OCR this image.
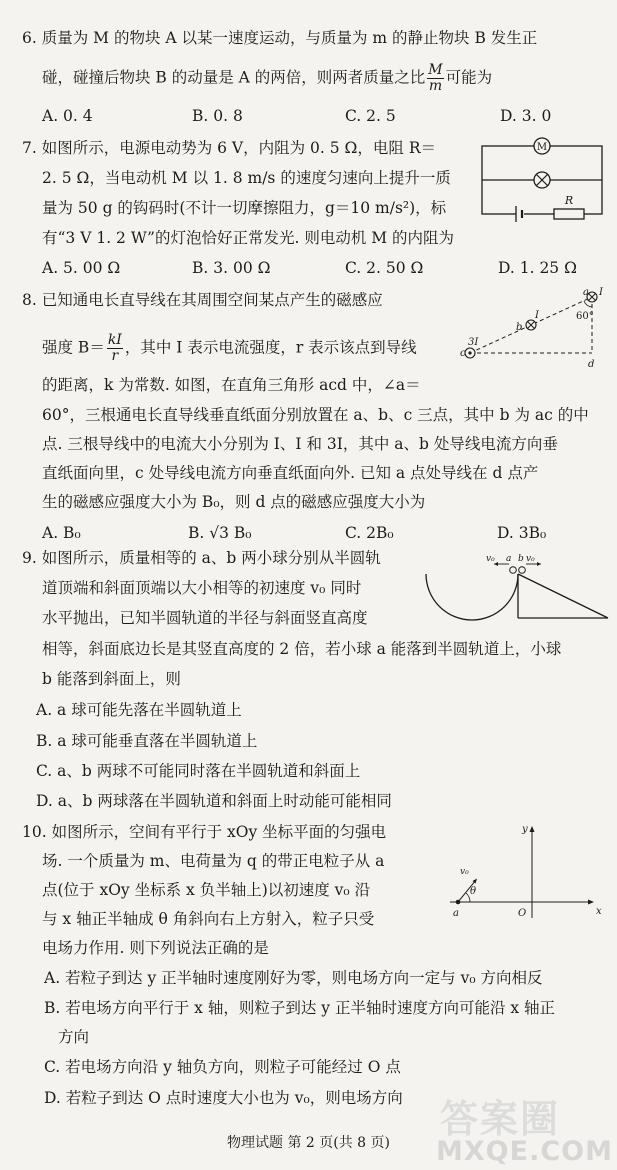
6. 质量为 M 的物块 A 以某一速度运动，与质量为 m 的静止物块 B 发生正
碰，碰撞后物块 B 的动量是 A 的两倍，则两者质量之比 $\frac{M}{m}$ 可能为
A. 0. 4	B. 0. 8	C. 2. 5	D. 3. 0
7. 如图所示，电源电动势为 6 V，内阻为 0. 5 Ω，电阻 R＝
2. 5 Ω，当电动机 M 以 1. 8 m/s 的速度匀速向上提升一质
量为 50 g 的钩码时(不计一切摩擦阻力，g＝10 m/s²)，标
有“3 V 1. 2 W”的灯泡恰好正常发光. 则电动机 M 的内阻为
A. 5. 00 Ω	B. 3. 00 Ω	C. 2. 50 Ω	D. 1. 25 Ω
M
R
8. 已知通电长直导线在其周围空间某点产生的磁感应
强度 $B= \frac{kI}{r}$ ，其中 I 表示电流强度，r 表示该点到导线
的距离，k 为常数. 如图，在直角三角形 acd 中，∠a＝
60°，三根通电长直导线垂直纸面分别放置在 a、b、c 三点，其中 b 为 ac 的中
点. 三根导线中的电流大小分别为 I、I 和 3I，其中 a、b 处导线电流方向垂
直纸面向里，c 处导线电流方向垂直纸面向外. 已知 a 点处导线在 d 点产
生的磁感应强度大小为 B₀，则 d 点的磁感应强度大小为
A. B₀	B. √3 B₀	C. 2B₀	D. 3B₀
a I
b
I
c
3I
d
60°
9. 如图所示，质量相等的 a、b 两小球分别从半圆轨
道顶端和斜面顶端以大小相等的初速度 v₀ 同时
水平抛出，已知半圆轨道的半径与斜面竖直高度
相等，斜面底边长是其竖直高度的 2 倍，若小球 a 能落到半圆轨道上，小球
b 能落到斜面上，则
A. a 球可能先落在半圆轨道上
B. a 球可能垂直落在半圆轨道上
C. a、b 两球不可能同时落在半圆轨道和斜面上
D. a、b 两球落在半圆轨道和斜面上时动能可能相同
v₀ a b v₀
10. 如图所示，空间有平行于 xOy 坐标平面的匀强电
场. 一个质量为 m、电荷量为 q 的带正电粒子从 a
点(位于 xOy 坐标系 x 负半轴上)以初速度 v₀ 沿
与 x 轴正半轴成 θ 角斜向右上方射入，粒子只受
电场力作用. 则下列说法正确的是
A. 若粒子到达 y 正半轴时速度刚好为零，则电场方向一定与 v₀ 方向相反
B. 若电场方向平行于 x 轴，则粒子到达 y 正半轴时速度方向可能沿 x 轴正
方向
C. 若电场方向沿 y 轴负方向，则粒子可能经过 O 点
D. 若粒子到达 O 点时速度大小也为 v₀，则电场方向
x
y
O
a
v₀
θ
答案圈
MXQE.COM
物理试题 第 2 页(共 8 页)
